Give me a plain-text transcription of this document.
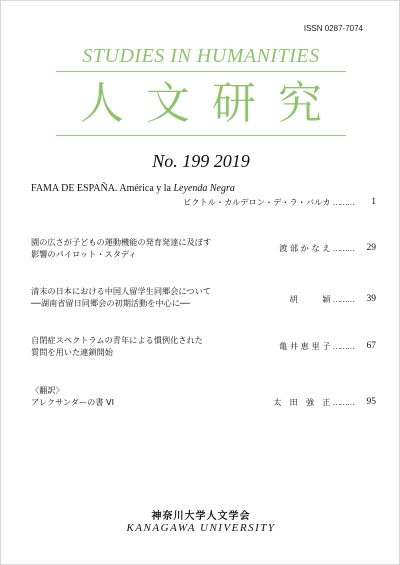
ISSN 0287-7074
STUDIES IN HUMANITIES
人文研究
No. 199 2019
FAMA DE ESPAÑA. América y la Leyenda Negra
ビクトル・カルデロン・デ・ラ・バルカ ……… 1
園の広さが子どもの運動機能の発育発達に及ぼす
影響のパイロット・スタディ
渡 部 か な え ……… 29
清末の日本における中国人留学生同郷会について
──湖南省留日同郷会の初期活動を中心に──	胡　　　穎 ……… 39
自閉症スペクトラムの青年による慣例化された
質問を用いた連鎖開始
亀 井 恵 里 子 ……… 67
〈翻訳〉
アレクサンダーの書 VI	太　田　強　正 ……… 95
神奈川大学人文学会
KANAGAWA UNIVERSITY
